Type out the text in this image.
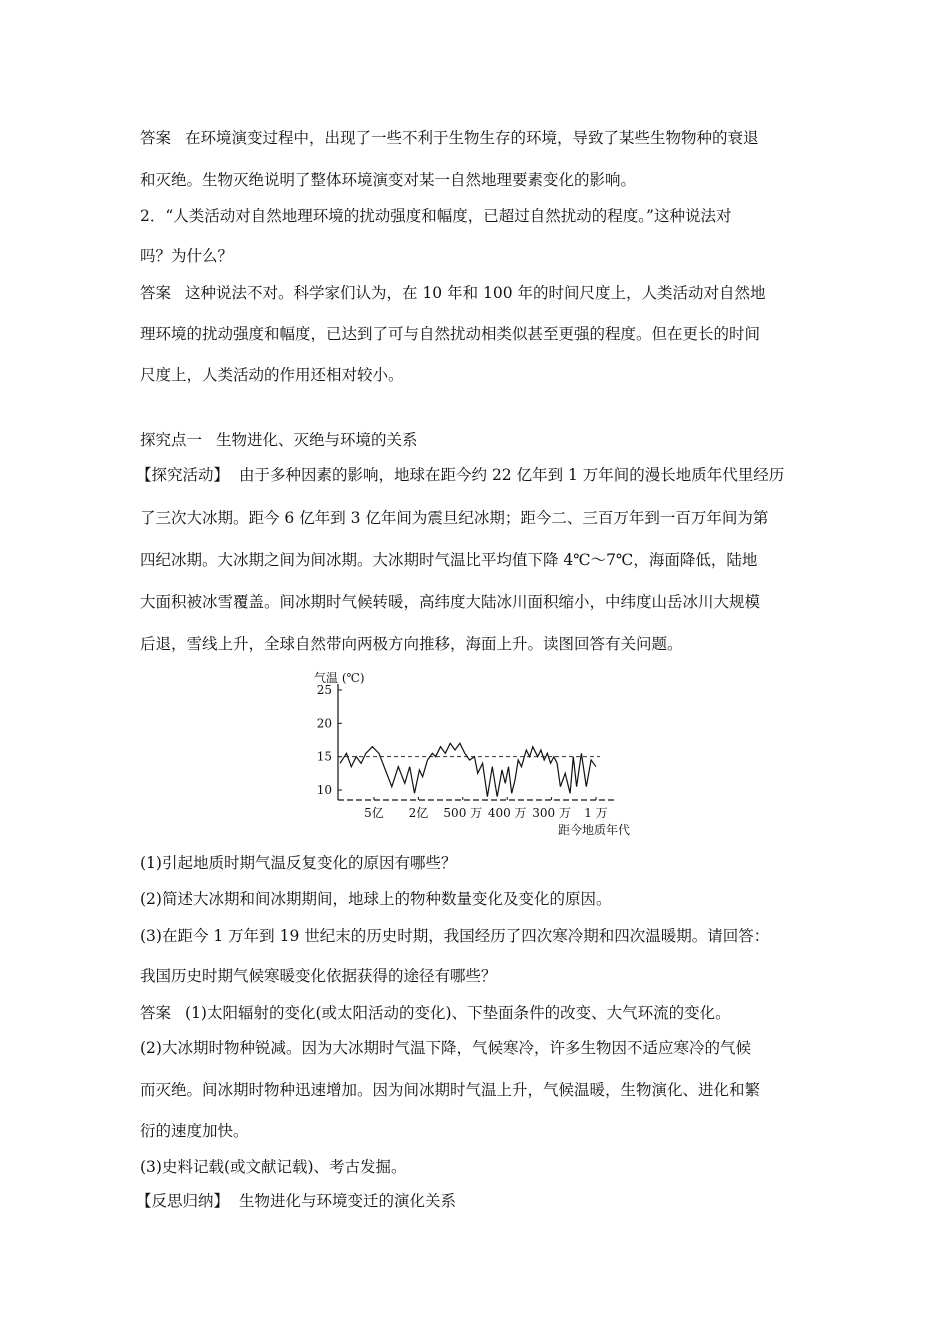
答案 在环境演变过程中，出现了一些不利于生物生存的环境，导致了某些生物物种的衰退
和灭绝。生物灭绝说明了整体环境演变对某一自然地理要素变化的影响。
2．“人类活动对自然地理环境的扰动强度和幅度，已超过自然扰动的程度。”这种说法对
吗？为什么？
答案 这种说法不对。科学家们认为，在 10 年和 100 年的时间尺度上，人类活动对自然地
理环境的扰动强度和幅度，已达到了可与自然扰动相类似甚至更强的程度。但在更长的时间
尺度上，人类活动的作用还相对较小。
探究点一 生物进化、灭绝与环境的关系
【探究活动】 由于多种因素的影响，地球在距今约 22 亿年到 1 万年间的漫长地质年代里经历
了三次大冰期。距今 6 亿年到 3 亿年间为震旦纪冰期；距今二、三百万年到一百万年间为第
四纪冰期。大冰期之间为间冰期。大冰期时气温比平均值下降 4℃～7℃，海面降低，陆地
大面积被冰雪覆盖。间冰期时气候转暖，高纬度大陆冰川面积缩小，中纬度山岳冰川大规模
后退，雪线上升，全球自然带向两极方向推移，海面上升。读图回答有关问题。
气温 (℃)
距今地质年代
10
15
20
25
5亿 2亿 500 万 400 万 300 万 1 万
(1)引起地质时期气温反复变化的原因有哪些？
(2)简述大冰期和间冰期期间，地球上的物种数量变化及变化的原因。
(3)在距今 1 万年到 19 世纪末的历史时期，我国经历了四次寒冷期和四次温暖期。请回答：
我国历史时期气候寒暖变化依据获得的途径有哪些？
答案 (1)太阳辐射的变化(或太阳活动的变化)、下垫面条件的改变、大气环流的变化。
(2)大冰期时物种锐减。因为大冰期时气温下降，气候寒冷，许多生物因不适应寒冷的气候
而灭绝。间冰期时物种迅速增加。因为间冰期时气温上升，气候温暖，生物演化、进化和繁
衍的速度加快。
(3)史料记载(或文献记载)、考古发掘。
【反思归纳】 生物进化与环境变迁的演化关系
